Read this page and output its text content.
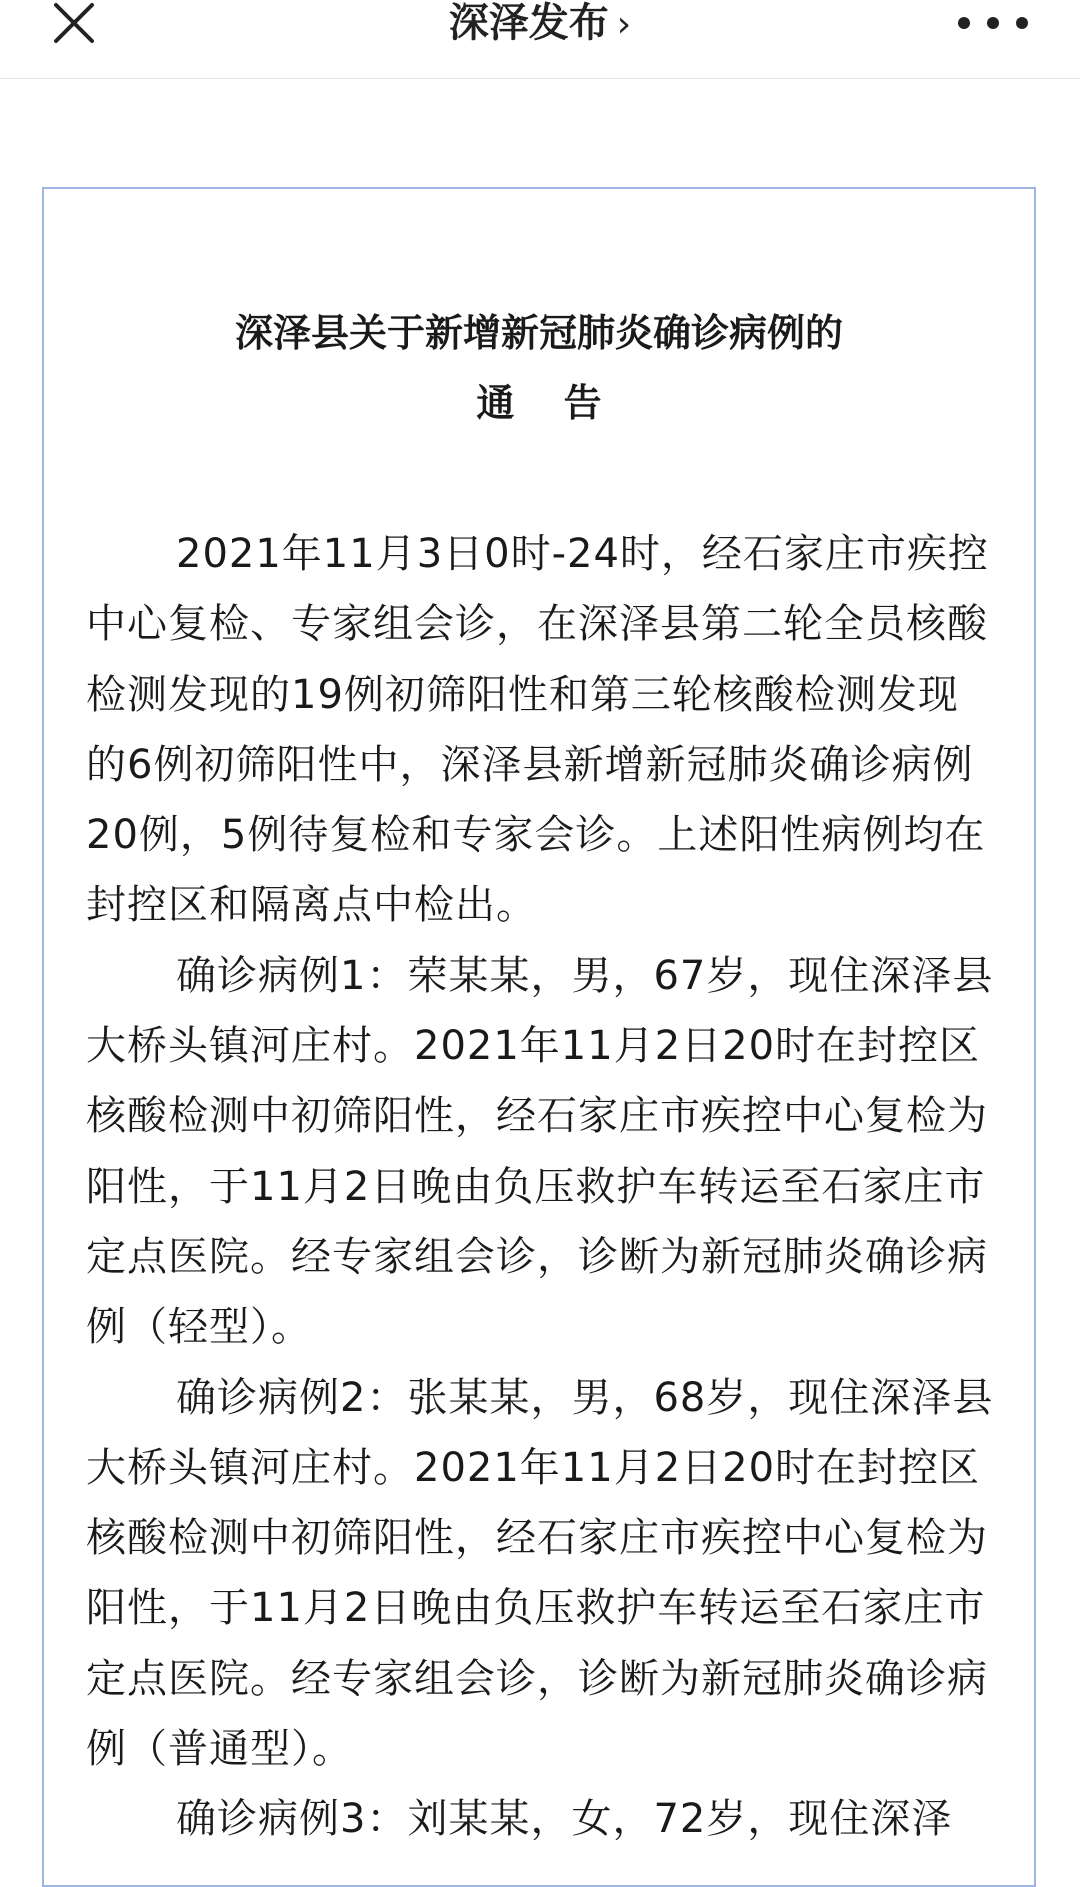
深泽发布 ›
深泽县关于新增新冠肺炎确诊病例的
通 告

2021年11月3日0时-24时，经石家庄市疾控中心复检、专家组会诊，在深泽县第二轮全员核酸检测发现的19例初筛阳性和第三轮核酸检测发现的6例初筛阳性中，深泽县新增新冠肺炎确诊病例20例，5例待复检和专家会诊。上述阳性病例均在封控区和隔离点中检出。

确诊病例1：荣某某，男，67岁，现住深泽县大桥头镇河庄村。2021年11月2日20时在封控区核酸检测中初筛阳性，经石家庄市疾控中心复检为阳性，于11月2日晚由负压救护车转运至石家庄市定点医院。经专家组会诊，诊断为新冠肺炎确诊病例（轻型）。

确诊病例2：张某某，男，68岁，现住深泽县大桥头镇河庄村。2021年11月2日20时在封控区核酸检测中初筛阳性，经石家庄市疾控中心复检为阳性，于11月2日晚由负压救护车转运至石家庄市定点医院。经专家组会诊，诊断为新冠肺炎确诊病例（普通型）。

确诊病例3：刘某某，女，72岁，现住深泽
